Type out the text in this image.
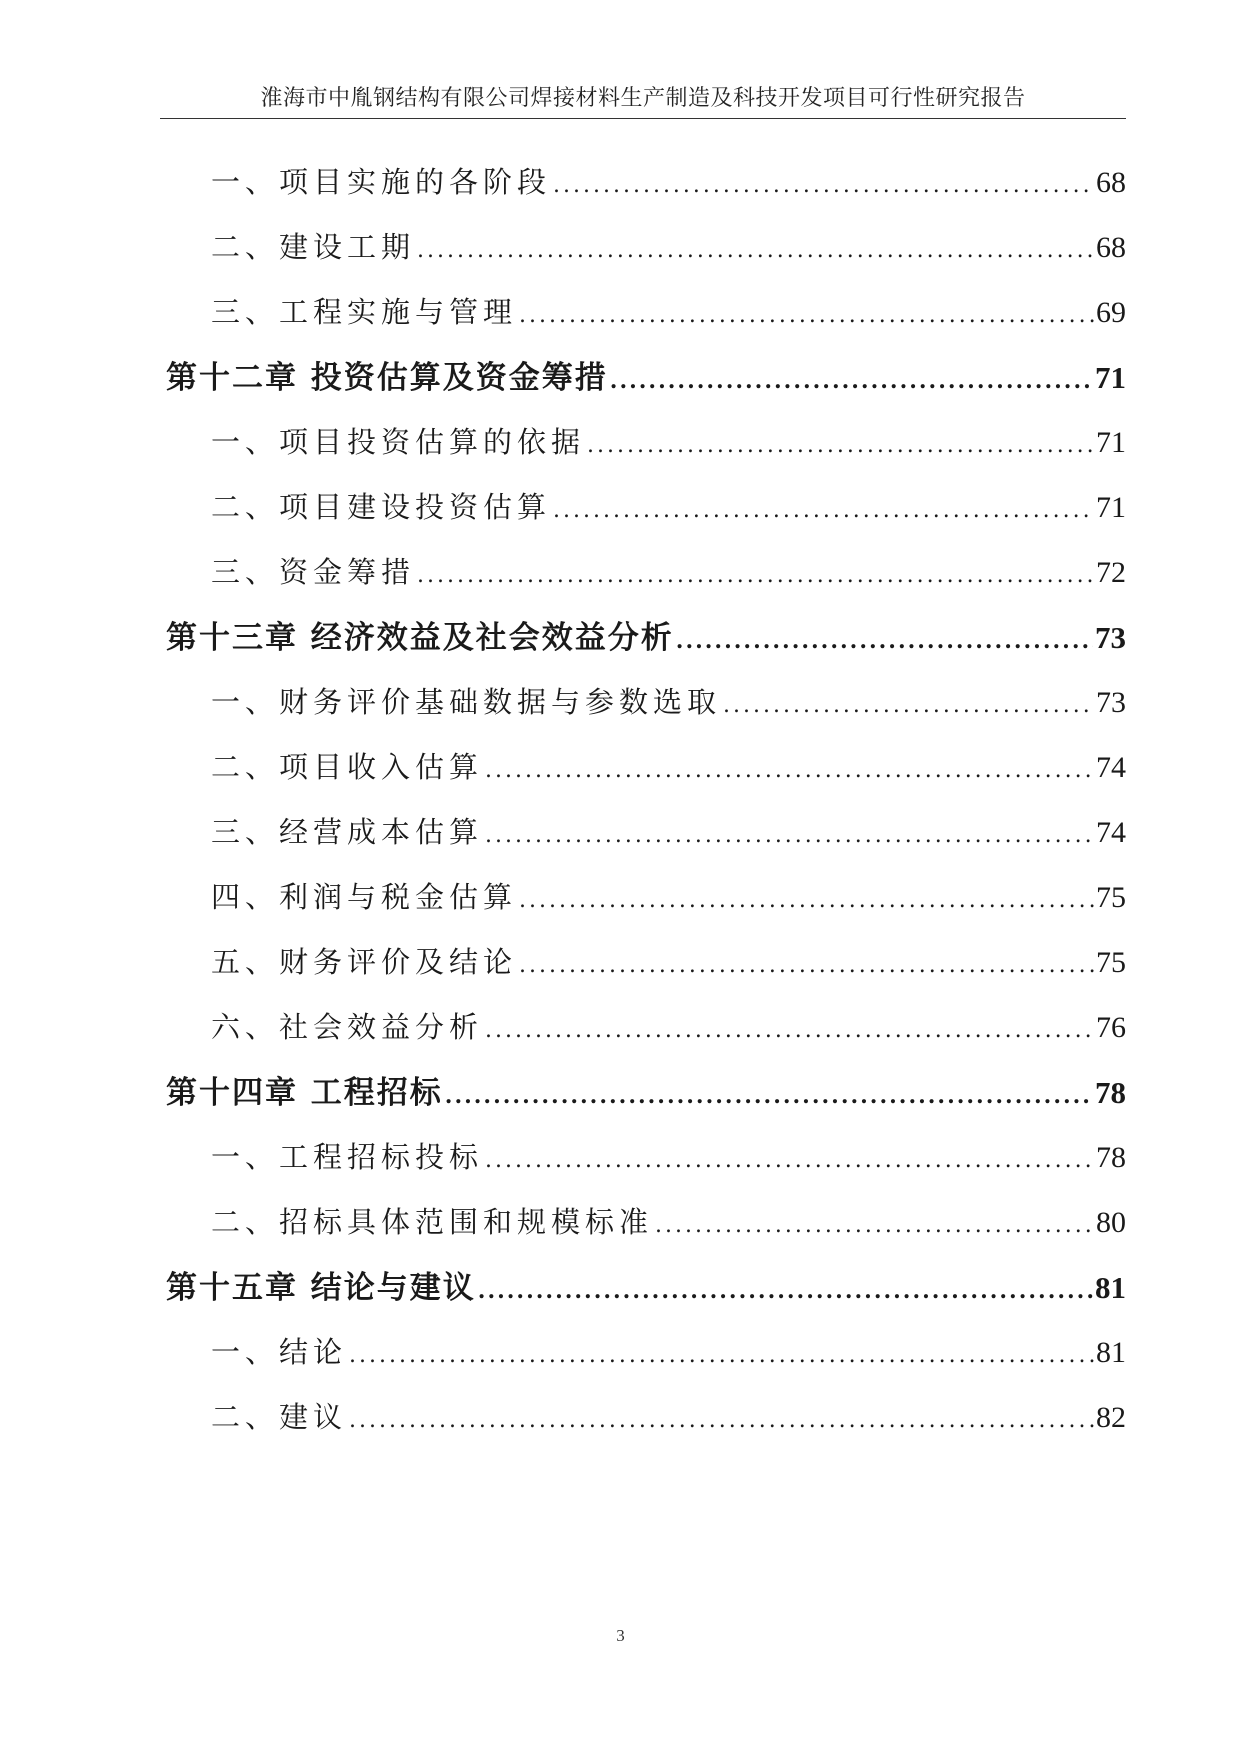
淮海市中胤钢结构有限公司焊接材料生产制造及科技开发项目可行性研究报告
一、项目实施的各阶段 .....	68
二、建设工期 .....	68
三、工程实施与管理 .....	69
第十二章 投资估算及资金筹措 .....	71
一、项目投资估算的依据 .....	71
二、项目建设投资估算 .....	71
三、资金筹措 .....	72
第十三章 经济效益及社会效益分析 .....	73
一、财务评价基础数据与参数选取 .....	73
二、项目收入估算 .....	74
三、经营成本估算 .....	74
四、利润与税金估算 .....	75
五、财务评价及结论 .....	75
六、社会效益分析 .....	76
第十四章 工程招标 .....	78
一、工程招标投标 .....	78
二、招标具体范围和规模标准 .....	80
第十五章 结论与建议 .....	81
一、结论 .....	81
二、建议 .....	82
3
